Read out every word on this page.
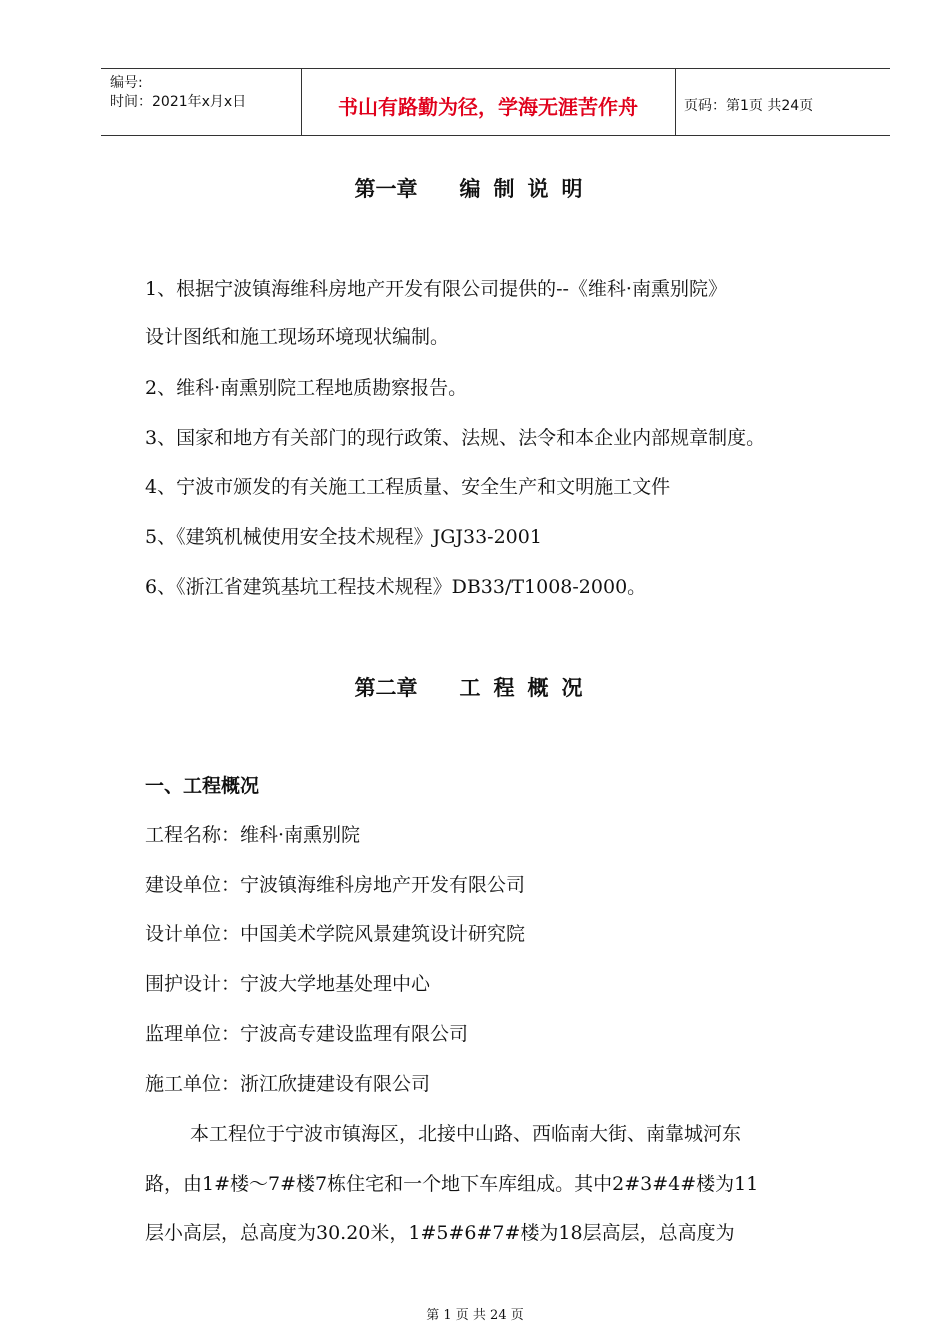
编号:
时间：2021年x月x日	书山有路勤为径，学海无涯苦作舟	页码：第1页 共24页
第一章 编制说明
1、根据宁波镇海维科房地产开发有限公司提供的--《维科·南熏别院》
设计图纸和施工现场环境现状编制。
2、维科·南熏别院工程地质勘察报告。
3、国家和地方有关部门的现行政策、法规、法令和本企业内部规章制度。
4、宁波市颁发的有关施工工程质量、安全生产和文明施工文件
5、《建筑机械使用安全技术规程》JGJ33-2001
6、《浙江省建筑基坑工程技术规程》DB33/T1008-2000。
第二章 工程概况
一、工程概况
工程名称：维科·南熏别院
建设单位：宁波镇海维科房地产开发有限公司
设计单位：中国美术学院风景建筑设计研究院
围护设计：宁波大学地基处理中心
监理单位：宁波高专建设监理有限公司
施工单位：浙江欣捷建设有限公司
本工程位于宁波市镇海区，北接中山路、西临南大街、南靠城河东
路，由1#楼～7#楼7栋住宅和一个地下车库组成。其中2#3#4#楼为11
层小高层，总高度为30.20米，1#5#6#7#楼为18层高层，总高度为
第 1 页 共 24 页
